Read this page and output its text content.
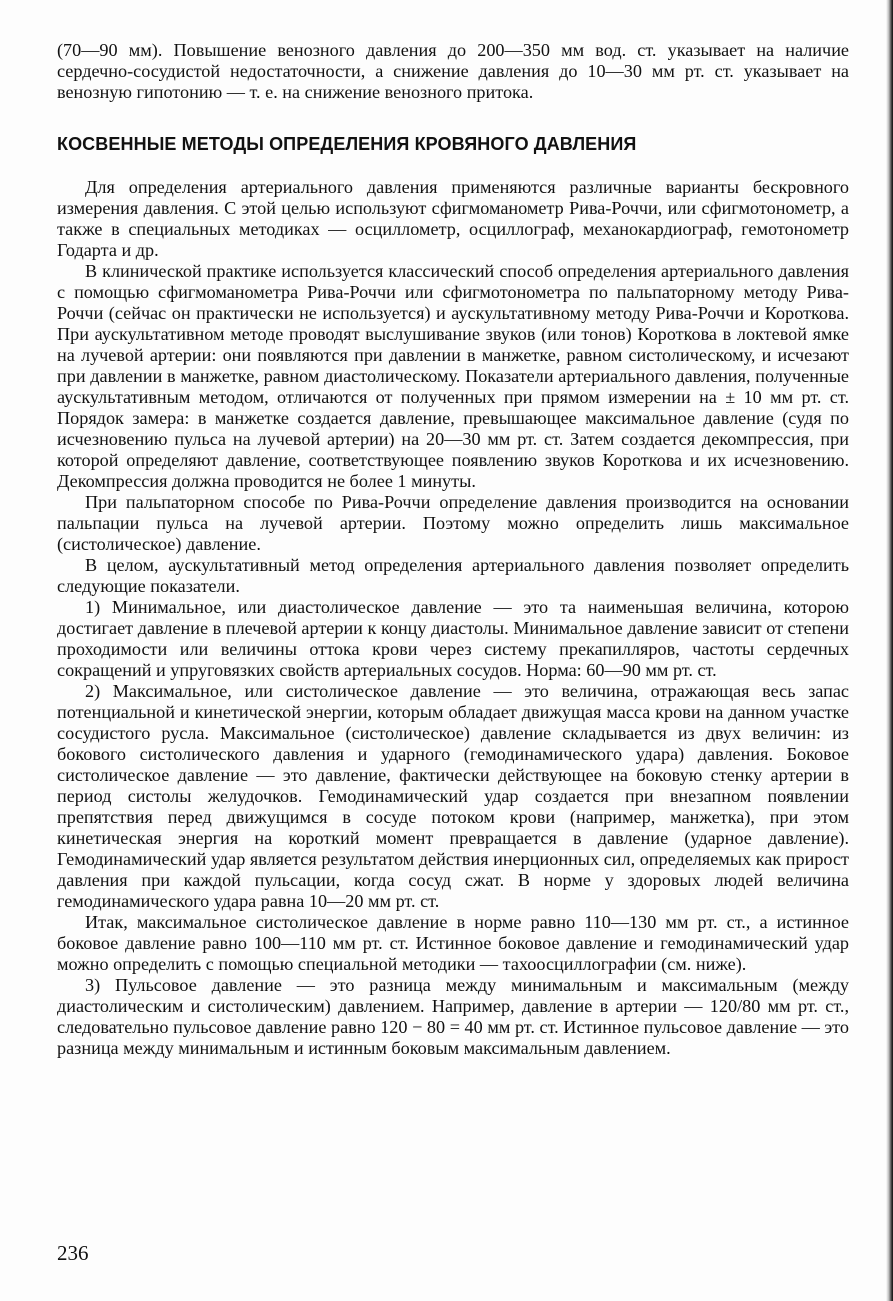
(70—90 мм). Повышение венозного давления до 200—350 мм вод. ст. указывает на наличие сердечно-сосудистой недостаточности, а снижение давления до 10—30 мм рт. ст. указывает на венозную гипотонию — т. е. на снижение венозного притока.

КОСВЕННЫЕ МЕТОДЫ ОПРЕДЕЛЕНИЯ КРОВЯНОГО ДАВЛЕНИЯ

Для определения артериального давления применяются различные варианты бескровного измерения давления. С этой целью используют сфигмоманометр Рива-Роччи, или сфигмотонометр, а также в специальных методиках — осциллометр, осциллограф, механокардиограф, гемотонометр Годарта и др.

В клинической практике используется классический способ определения артериального давления с помощью сфигмоманометра Рива-Роччи или сфигмотонометра по пальпаторному методу Рива-Роччи (сейчас он практически не используется) и аускультативному методу Рива-Роччи и Короткова. При аускультативном методе проводят выслушивание звуков (или тонов) Короткова в локтевой ямке на лучевой артерии: они появляются при давлении в манжетке, равном систолическому, и исчезают при давлении в манжетке, равном диастолическому. Показатели артериального давления, полученные аускультативным методом, отличаются от полученных при прямом измерении на ± 10 мм рт. ст. Порядок замера: в манжетке создается давление, превышающее максимальное давление (судя по исчезновению пульса на лучевой артерии) на 20—30 мм рт. ст. Затем создается декомпрессия, при которой определяют давление, соответствующее появлению звуков Короткова и их исчезновению. Декомпрессия должна проводится не более 1 минуты.

При пальпаторном способе по Рива-Роччи определение давления производится на основании пальпации пульса на лучевой артерии. Поэтому можно определить лишь максимальное (систолическое) давление.

В целом, аускультативный метод определения артериального давления позволяет определить следующие показатели.

1) Минимальное, или диастолическое давление — это та наименьшая величина, которою достигает давление в плечевой артерии к концу диастолы. Минимальное давление зависит от степени проходимости или величины оттока крови через систему прекапилляров, частоты сердечных сокращений и упруговязких свойств артериальных сосудов. Норма: 60—90 мм рт. ст.

2) Максимальное, или систолическое давление — это величина, отражающая весь запас потенциальной и кинетической энергии, которым обладает движущая масса крови на данном участке сосудистого русла. Максимальное (систолическое) давление складывается из двух величин: из бокового систолического давления и ударного (гемодинамического удара) давления. Боковое систолическое давление — это давление, фактически действующее на боковую стенку артерии в период систолы желудочков. Гемодинамический удар создается при внезапном появлении препятствия перед движущимся в сосуде потоком крови (например, манжетка), при этом кинетическая энергия на короткий момент превращается в давление (ударное давление). Гемодинамический удар является результатом действия инерционных сил, определяемых как прирост давления при каждой пульсации, когда сосуд сжат. В норме у здоровых людей величина гемодинамического удара равна 10—20 мм рт. ст.

Итак, максимальное систолическое давление в норме равно 110—130 мм рт. ст., а истинное боковое давление равно 100—110 мм рт. ст. Истинное боковое давление и гемодинамический удар можно определить с помощью специальной методики — тахоосциллографии (см. ниже).

3) Пульсовое давление — это разница между минимальным и максимальным (между диастолическим и систолическим) давлением. Например, давление в артерии — 120/80 мм рт. ст., следовательно пульсовое давление равно 120 − 80 = 40 мм рт. ст. Истинное пульсовое давление — это разница между минимальным и истинным боковым максимальным давлением.

236
